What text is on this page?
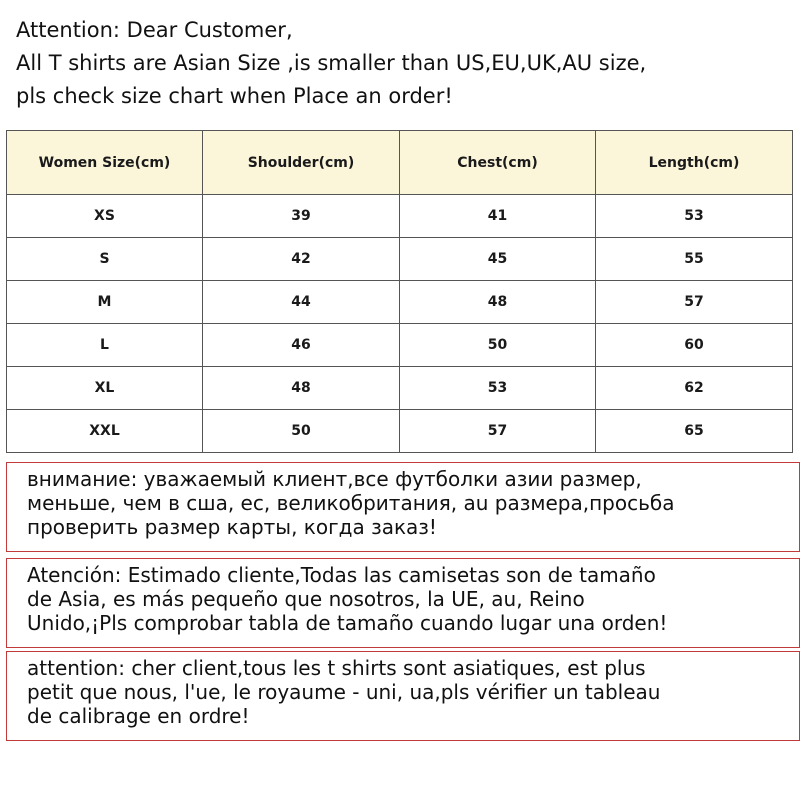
Attention: Dear Customer,
All T shirts are Asian Size ,is smaller than US,EU,UK,AU size,
pls check size chart when Place an order!
Women Size(cm)	Shoulder(cm)	Chest(cm)	Length(cm)
XS	39	41	53
S	42	45	55
M	44	48	57
L	46	50	60
XL	48	53	62
XXL	50	57	65

внимание: уважаемый клиент,все футболки азии размер,

меньше, чем в сша, ес, великобритания, au размера,просьба

проверить размер карты, когда заказ!

Atención: Estimado cliente,Todas las camisetas son de tamaño

de Asia, es más pequeño que nosotros, la UE, au, Reino

Unido,¡Pls comprobar tabla de tamaño cuando lugar una orden!

attention: cher client,tous les t shirts sont asiatiques, est plus

petit que nous, l'ue, le royaume - uni, ua,pls vérifier un tableau

de calibrage en ordre!
